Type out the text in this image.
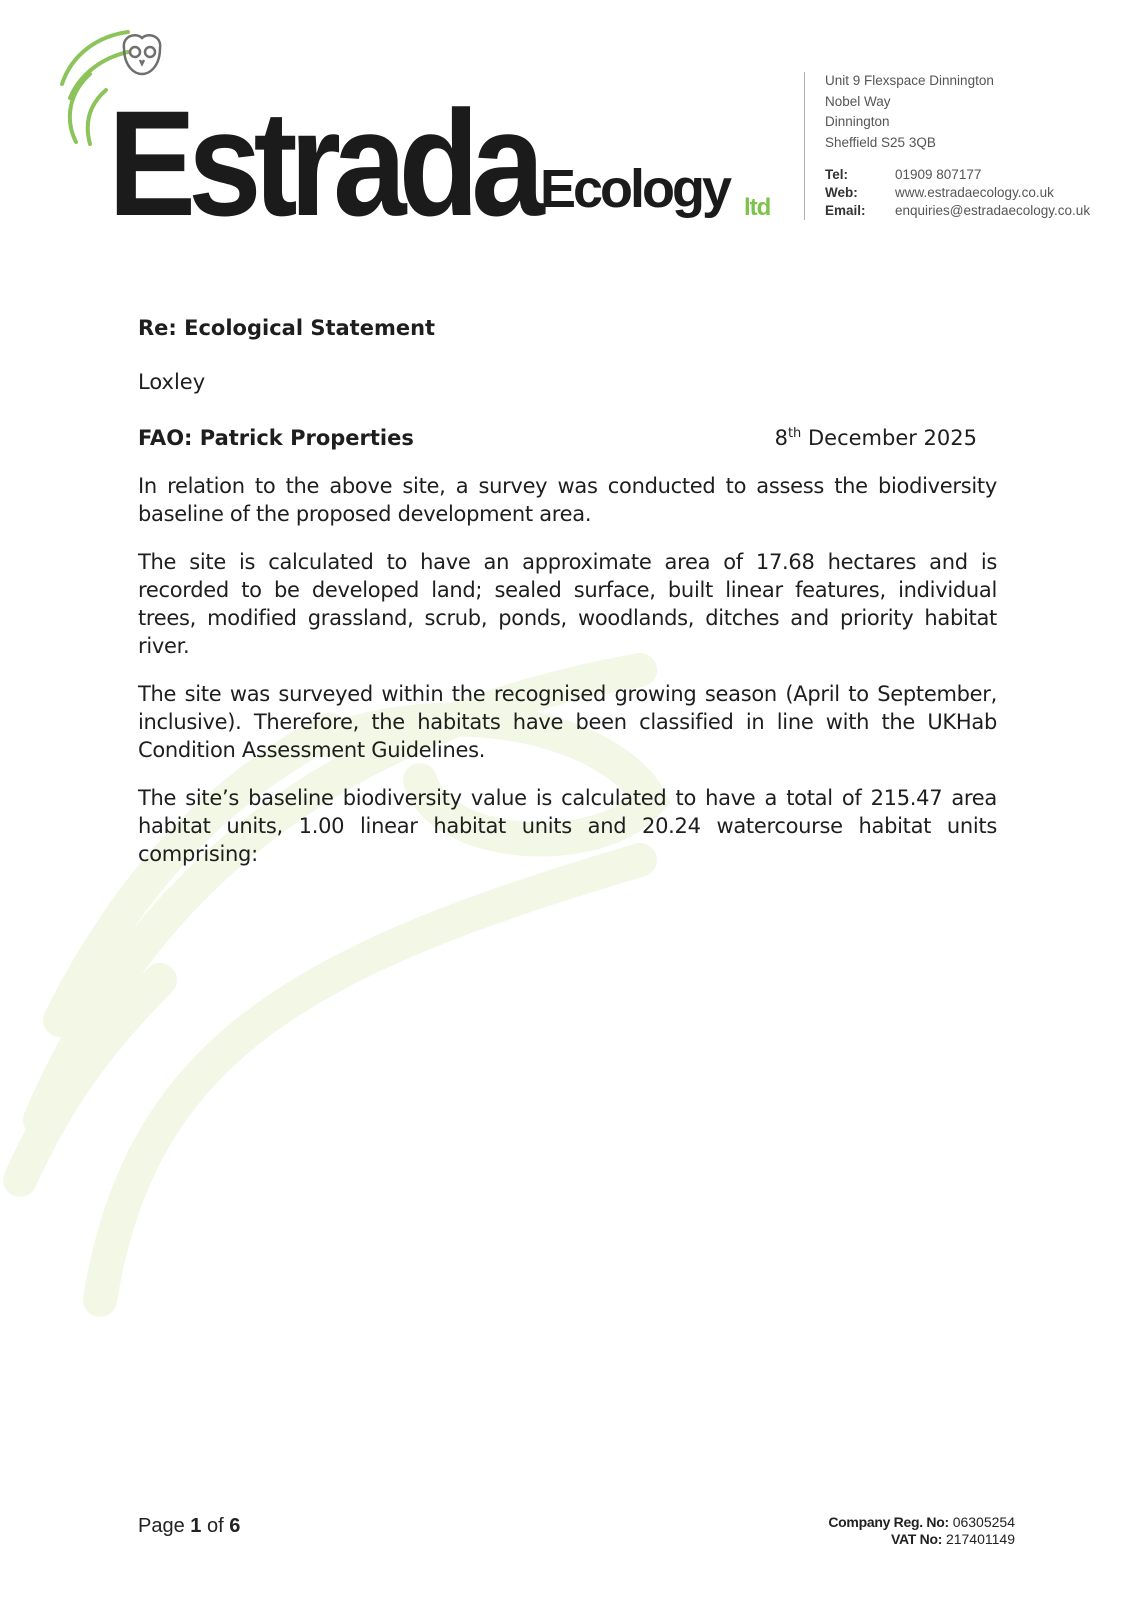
Estrada Ecology ltd
Unit 9 Flexspace Dinnington
Nobel Way
Dinnington
Sheffield S25 3QB
Tel:	01909 807177
Web:	www.estradaecology.co.uk
Email:	enquiries@estradaecology.co.uk
Re: Ecological Statement
Loxley
FAO: Patrick Properties	8th December 2025

In relation to the above site, a survey was conducted to assess the biodiversity baseline of the proposed development area.

The site is calculated to have an approximate area of 17.68 hectares and is recorded to be developed land; sealed surface, built linear features, individual trees, modified grassland, scrub, ponds, woodlands, ditches and priority habitat river.

The site was surveyed within the recognised growing season (April to September, inclusive). Therefore, the habitats have been classified in line with the UKHab Condition Assessment Guidelines.

The site’s baseline biodiversity value is calculated to have a total of 215.47 area habitat units, 1.00 linear habitat units and 20.24 watercourse habitat units comprising:

Page 1 of 6	Company Reg. No: 06305254
VAT No: 217401149
